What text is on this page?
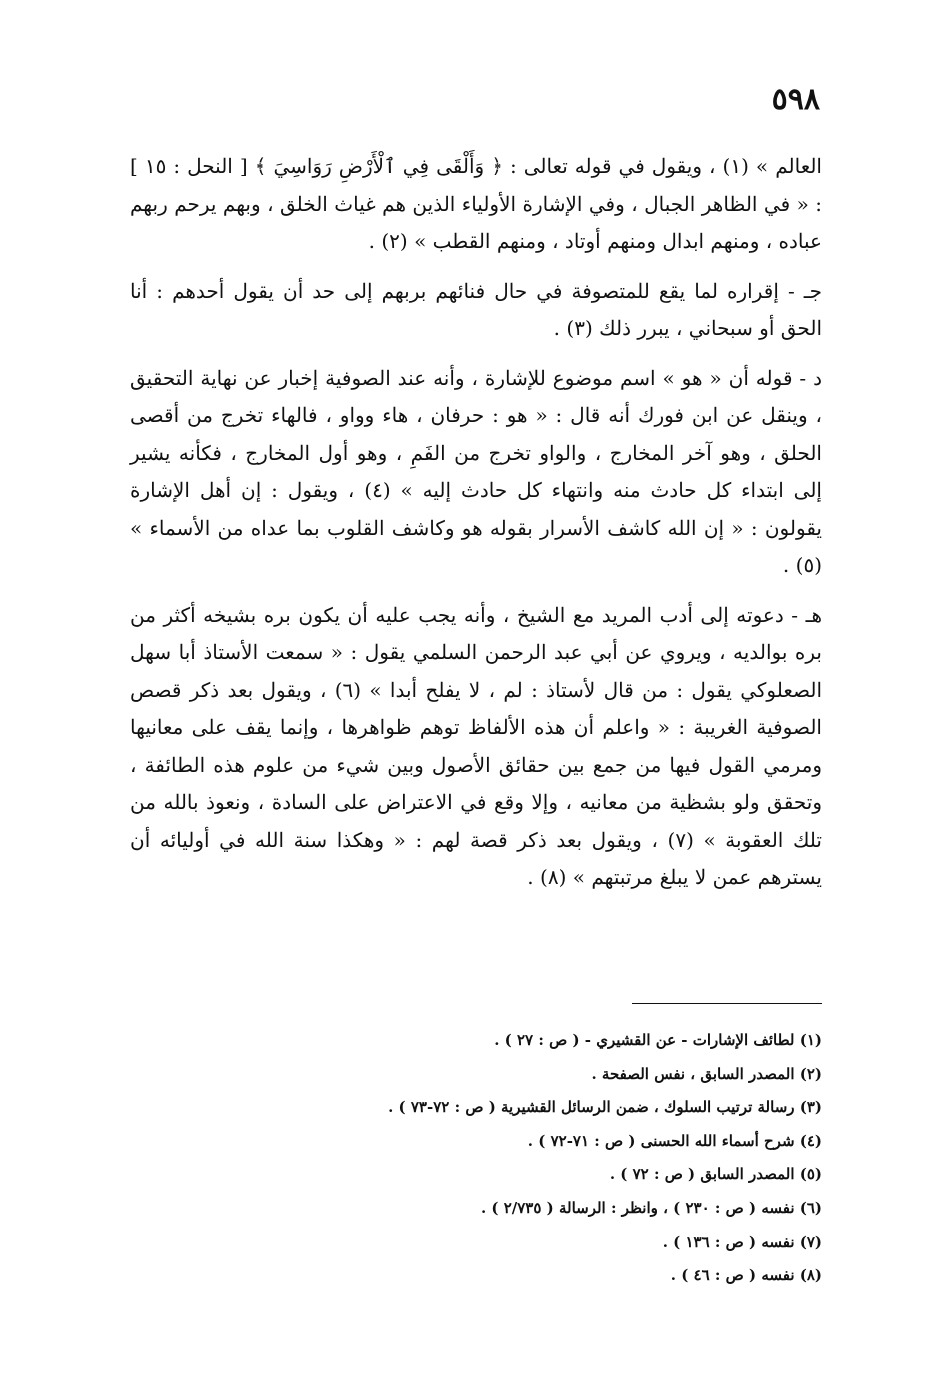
٥٩٨

العالم » (١) ، ويقول في قوله تعالى : ﴿ وَأَلْقَى فِي ٱلْأَرْضِ رَوَاسِيَ ﴾ [ النحل : ١٥ ] : « في الظاهر الجبال ، وفي الإشارة الأولياء الذين هم غياث الخلق ، وبهم يرحم ربهم عباده ، ومنهم ابدال ومنهم أوتاد ، ومنهم القطب » (٢) .

جـ - إقراره لما يقع للمتصوفة في حال فنائهم بربهم إلى حد أن يقول أحدهم : أنا الحق أو سبحاني ، يبرر ذلك (٣) .

د - قوله أن « هو » اسم موضوع للإشارة ، وأنه عند الصوفية إخبار عن نهاية التحقيق ، وينقل عن ابن فورك أنه قال : « هو : حرفان ، هاء وواو ، فالهاء تخرج من أقصى الحلق ، وهو آخر المخارج ، والواو تخرج من الفَمِ ، وهو أول المخارج ، فكأنه يشير إلى ابتداء كل حادث منه وانتهاء كل حادث إليه » (٤) ، ويقول : إن أهل الإشارة يقولون : « إن الله كاشف الأسرار بقوله هو وكاشف القلوب بما عداه من الأسماء » (٥) .

هـ - دعوته إلى أدب المريد مع الشيخ ، وأنه يجب عليه أن يكون بره بشيخه أكثر من بره بوالديه ، ويروي عن أبي عبد الرحمن السلمي يقول : « سمعت الأستاذ أبا سهل الصعلوكي يقول : من قال لأستاذ : لم ، لا يفلح أبدا » (٦) ، ويقول بعد ذكر قصص الصوفية الغريبة : « واعلم أن هذه الألفاظ توهم ظواهرها ، وإنما يقف على معانيها ومرمي القول فيها من جمع بين حقائق الأصول وبين شيء من علوم هذه الطائفة ، وتحقق ولو بشظية من معانيه ، وإلا وقع في الاعتراض على السادة ، ونعوذ بالله من تلك العقوبة » (٧) ، ويقول بعد ذكر قصة لهم : « وهكذا سنة الله في أوليائه أن يسترهم عمن لا يبلغ مرتبتهم » (٨) .

(١) لطائف الإشارات - عن القشيري - ( ص : ٢٧ ) .
(٢) المصدر السابق ، نفس الصفحة .
(٣) رسالة ترتيب السلوك ، ضمن الرسائل القشيرية ( ص : ٧٢-٧٣ ) .
(٤) شرح أسماء الله الحسنى ( ص : ٧١-٧٢ ) .
(٥) المصدر السابق ( ص : ٧٢ ) .
(٦) نفسه ( ص : ٢٣٠ ) ، وانظر : الرسالة ( ٢/٧٣٥ ) .
(٧) نفسه ( ص : ١٣٦ ) .
(٨) نفسه ( ص : ٤٦ ) .
